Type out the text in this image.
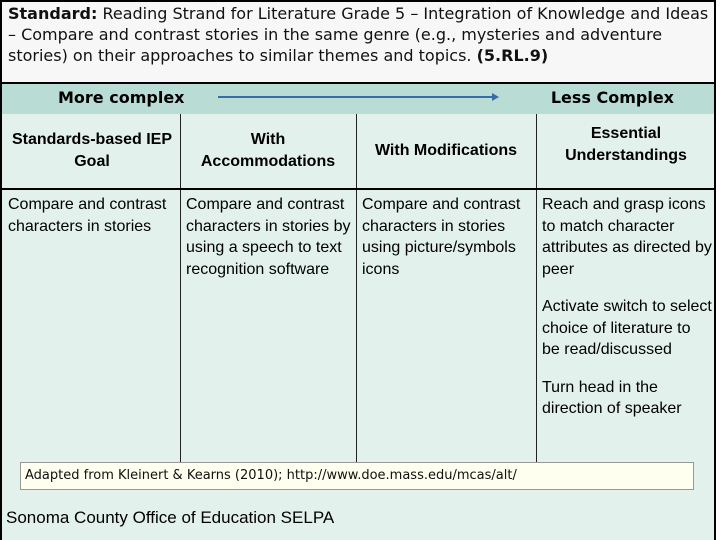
Standard: Reading Strand for Literature Grade 5 – Integration of Knowledge and Ideas – Compare and contrast stories in the same genre (e.g., mysteries and adventure stories) on their approaches to similar themes and topics. (5.RL.9)
More complex	Less Complex
Standards-based IEP Goal
With Accommodations
With Modifications
Essential Understandings
Compare and contrast characters in stories
Compare and contrast characters in stories by using a speech to text recognition software
Compare and contrast characters in stories using picture/symbols icons

Reach and grasp icons to match character attributes as directed by peer

Activate switch to select choice of literature to be read/discussed

Turn head in the direction of speaker

Adapted from Kleinert & Kearns (2010); http://www.doe.mass.edu/mcas/alt/
Sonoma County Office of Education SELPA
